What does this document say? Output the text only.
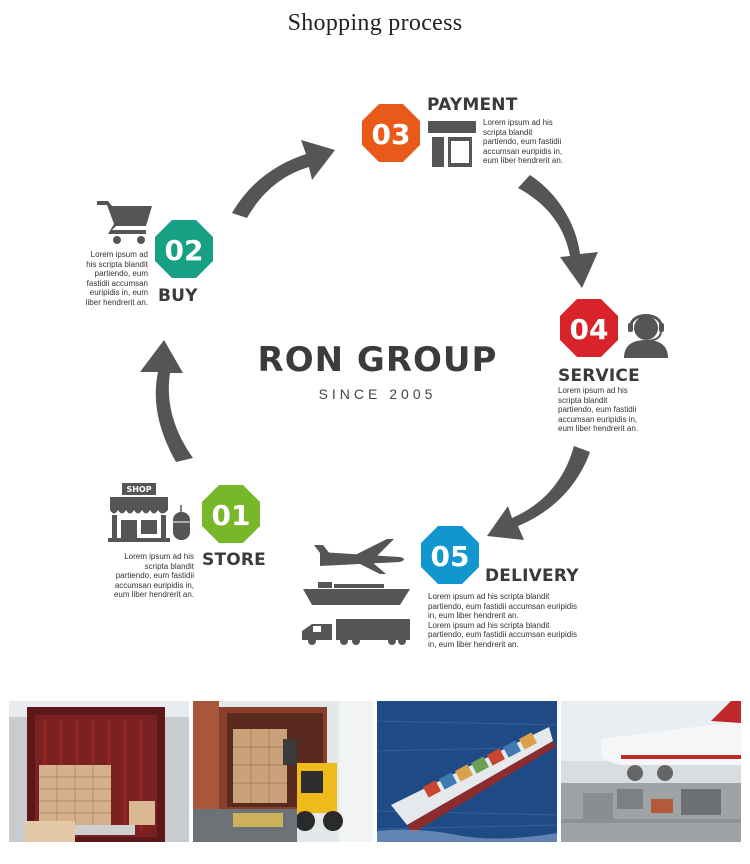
Shopping process
01
02
03
04
05
SHOP
RON GROUP
SINCE 2005
STORE
BUY
PAYMENT
SERVICE
DELIVERY
Lorem ipsum ad his
scripta blandit
partiendo, eum fastidii
accumsan euripidis in,
eum liber hendrerit an.
Lorem ipsum ad
his scripta blandit
partiendo, eum
fastidii accumsan
euripidis in, eum
liber hendrerit an.
Lorem ipsum ad his
scripta blandit
partiendo, eum fastidii
accumsan euripidis in,
eum liber hendrerit an.
Lorem ipsum ad his
scripta blandit
partiendo, eum fastidii
accumsan euripidis in,
eum liber hendrerit an.
Lorem ipsum ad his scripta blandit
partiendo, eum fastidii accumsan euripidis
in, eum liber hendrerit an.
Lorem ipsum ad his scripta blandit
partiendo, eum fastidii accumsan euripidis
in, eum liber hendrerit an.
